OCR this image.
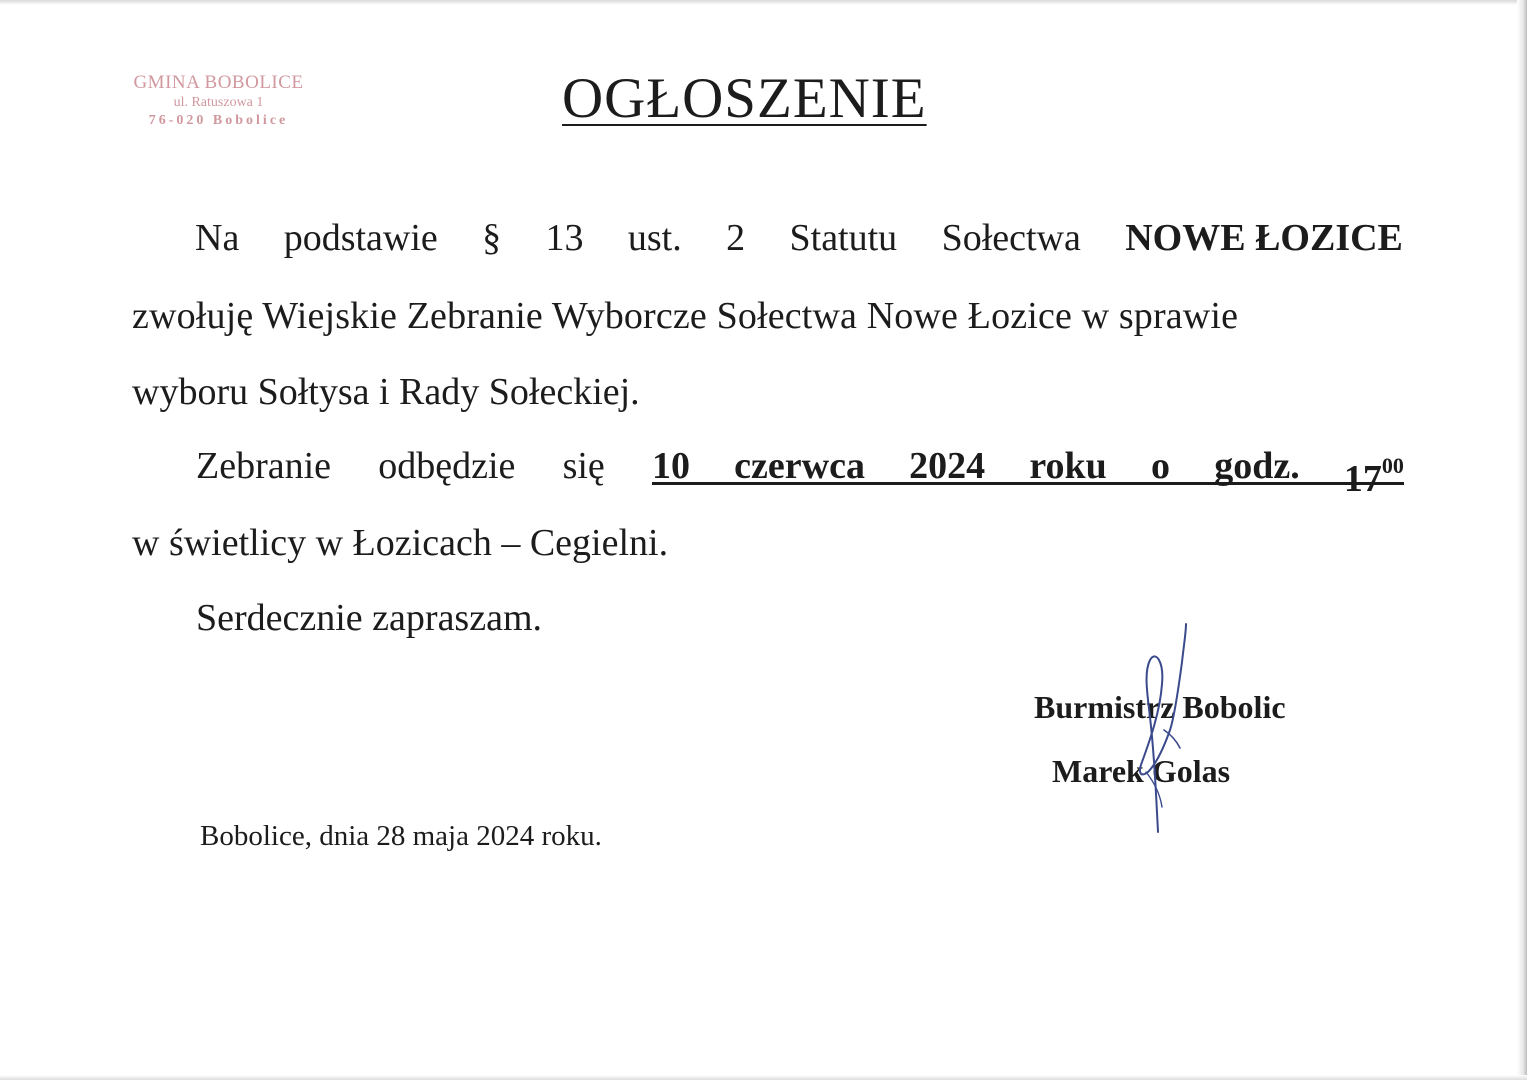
GMINA BOBOLICE
ul. Ratuszowa 1
76-020 Bobolice	OGŁOSZENIE
Na podstawie § 13 ust. 2 Statutu Sołectwa NOWE ŁOZICE
zwołuję Wiejskie Zebranie Wyborcze Sołectwa Nowe Łozice w sprawie
wyboru Sołtysa i Rady Sołeckiej.
Zebranie odbędzie się 10 czerwca 2024 roku o godz. $17^{00}$
w świetlicy w Łozicach – Cegielni.
Serdecznie zapraszam.
Burmistrz Bobolic
Marek Golas
Bobolice, dnia 28 maja 2024 roku.
